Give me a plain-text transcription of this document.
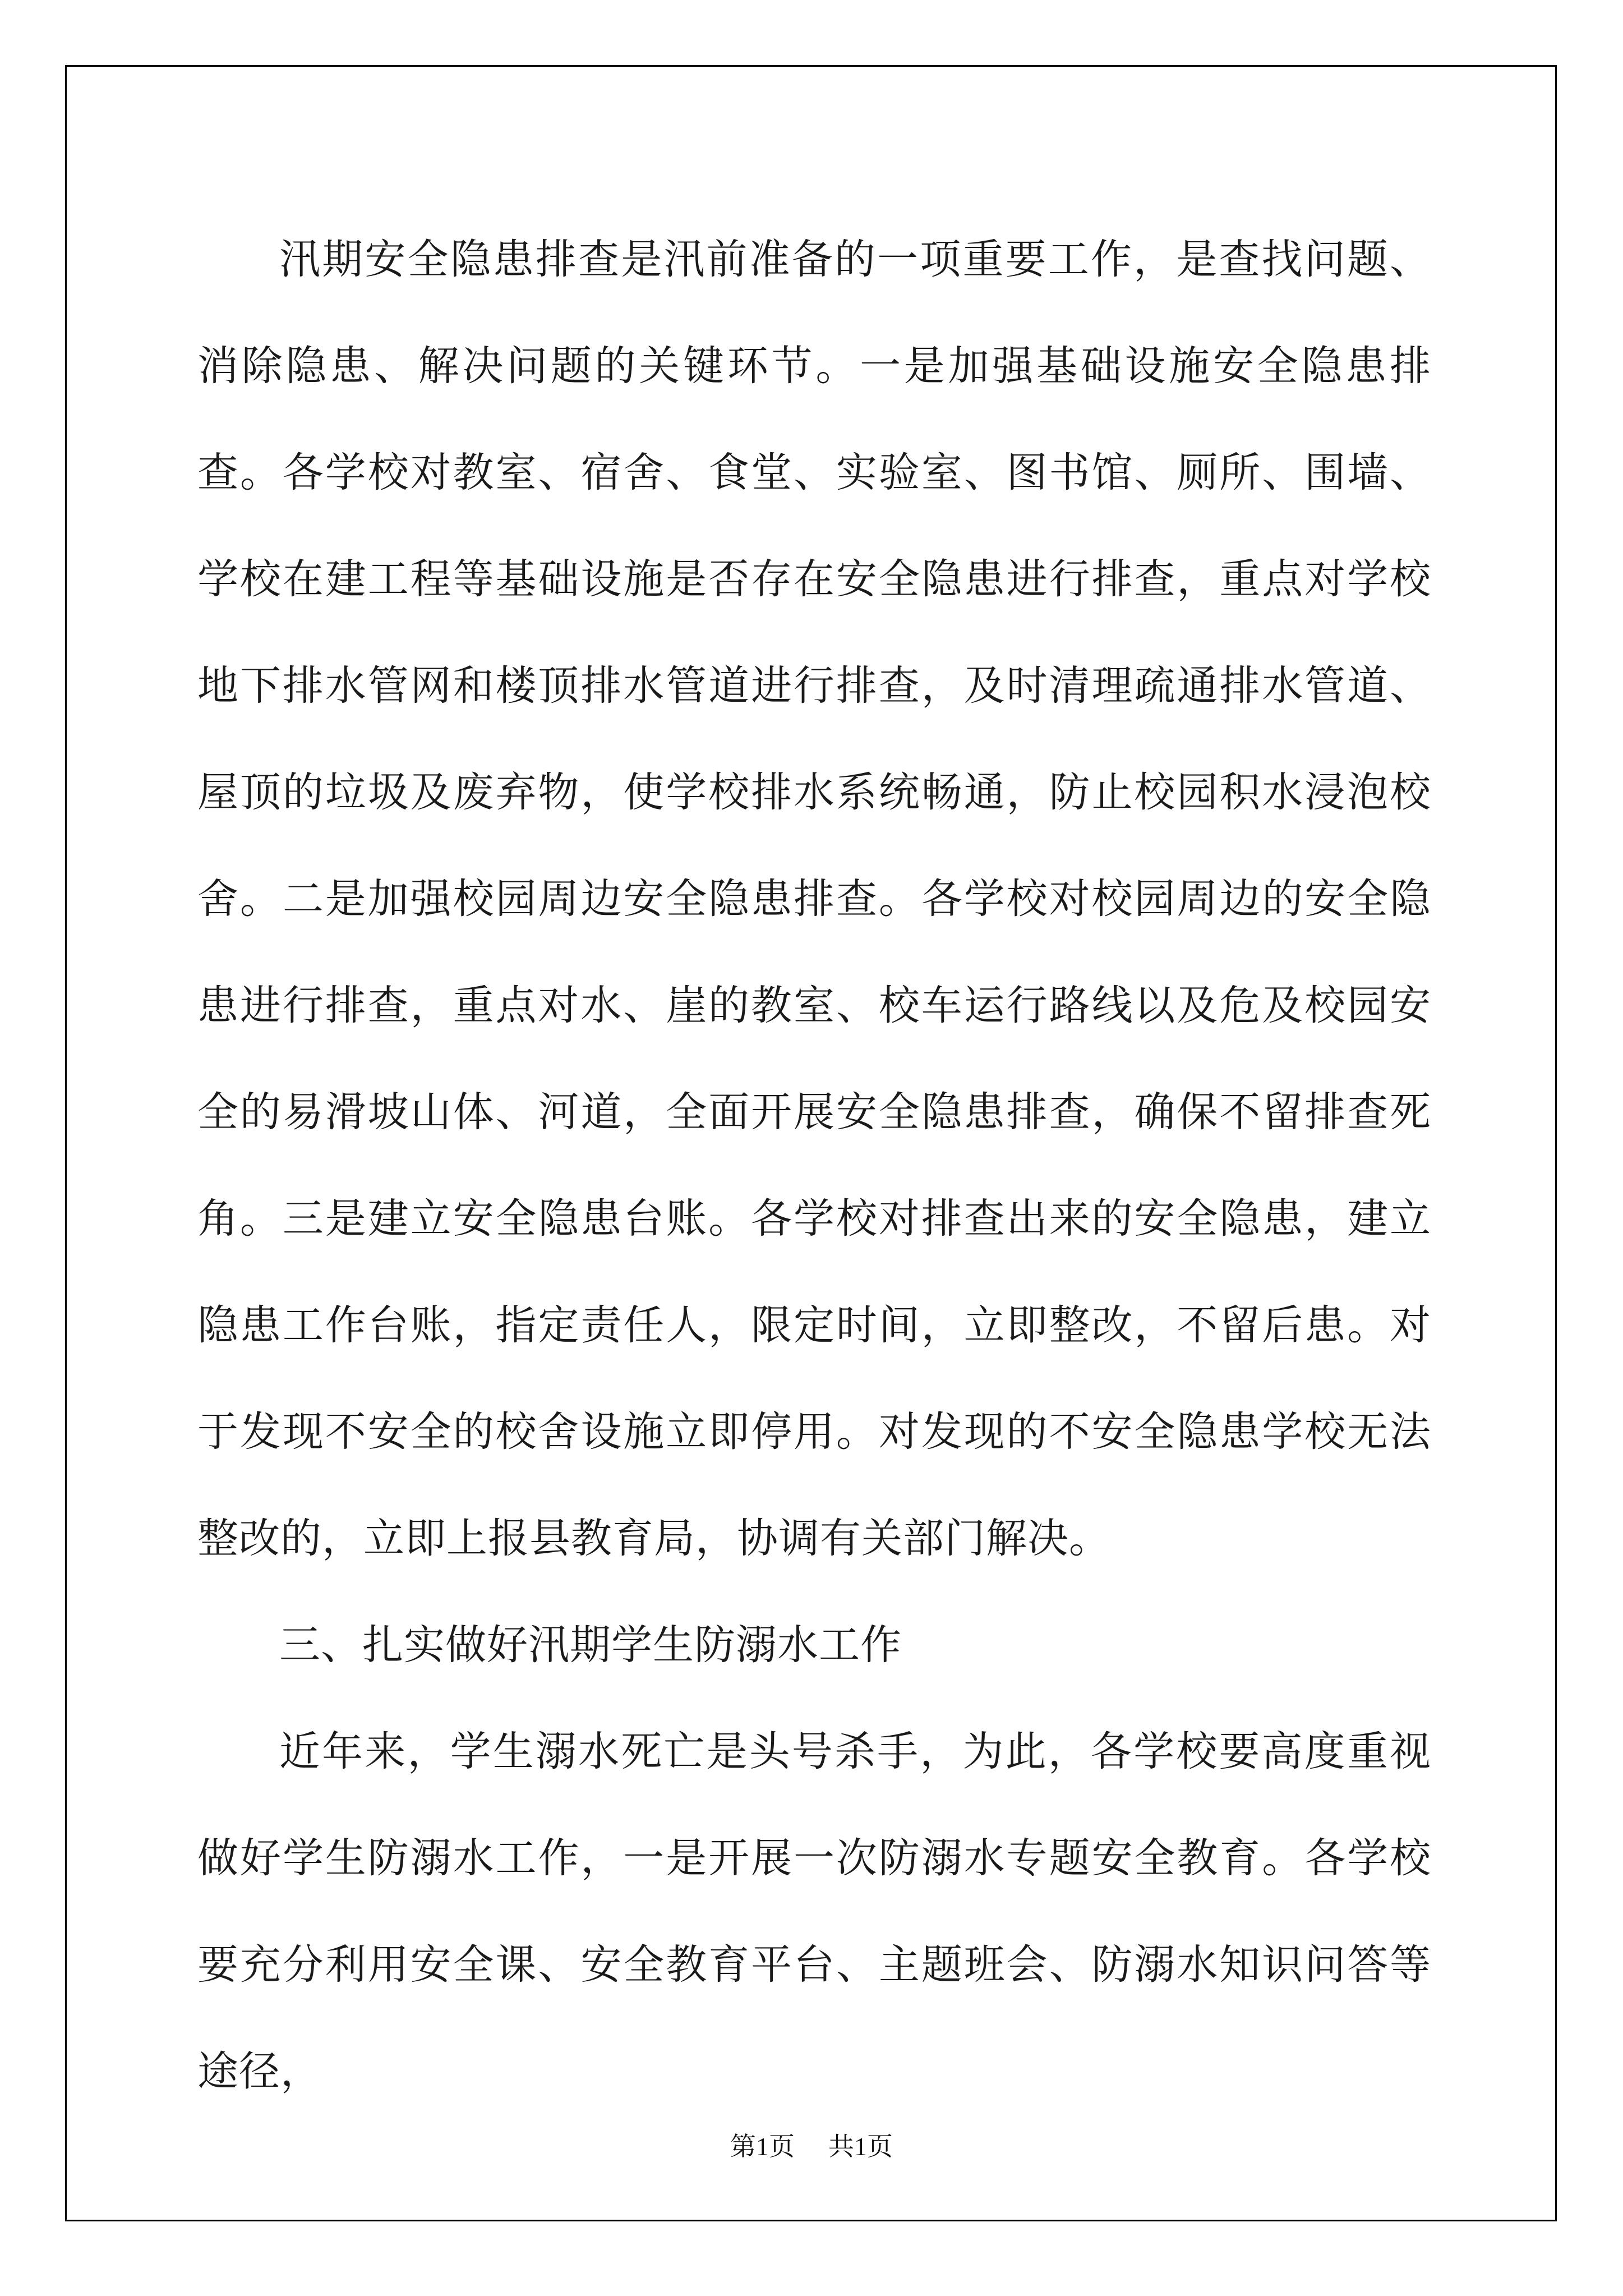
汛期安全隐患排查是汛前准备的一项重要工作，是查找问题、消除隐患、解决问题的关键环节。一是加强基础设施安全隐患排查。各学校对教室、宿舍、食堂、实验室、图书馆、厕所、围墙、学校在建工程等基础设施是否存在安全隐患进行排查，重点对学校地下排水管网和楼顶排水管道进行排查，及时清理疏通排水管道、屋顶的垃圾及废弃物，使学校排水系统畅通，防止校园积水浸泡校舍。二是加强校园周边安全隐患排查。各学校对校园周边的安全隐患进行排查，重点对水、崖的教室、校车运行路线以及危及校园安全的易滑坡山体、河道，全面开展安全隐患排查，确保不留排查死角。三是建立安全隐患台账。各学校对排查出来的安全隐患，建立隐患工作台账，指定责任人，限定时间，立即整改，不留后患。对于发现不安全的校舍设施立即停用。对发现的不安全隐患学校无法整改的，立即上报县教育局，协调有关部门解决。

三、扎实做好汛期学生防溺水工作

近年来，学生溺水死亡是头号杀手，为此，各学校要高度重视做好学生防溺水工作，一是开展一次防溺水专题安全教育。各学校要充分利用安全课、安全教育平台、主题班会、防溺水知识问答等途径，

第1页 共1页
